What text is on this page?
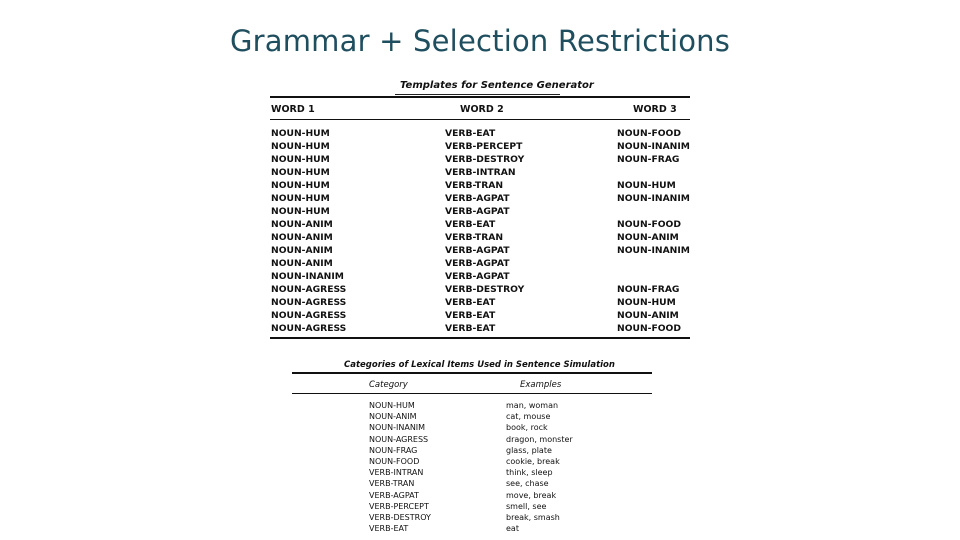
Grammar + Selection Restrictions
Templates for Sentence Generator
WORD 1	WORD 2	WORD 3
NOUN-HUM	VERB-EAT	NOUN-FOOD
NOUN-HUM	VERB-PERCEPT	NOUN-INANIM
NOUN-HUM	VERB-DESTROY	NOUN-FRAG
NOUN-HUM	VERB-INTRAN
NOUN-HUM	VERB-TRAN	NOUN-HUM
NOUN-HUM	VERB-AGPAT	NOUN-INANIM
NOUN-HUM	VERB-AGPAT
NOUN-ANIM	VERB-EAT	NOUN-FOOD
NOUN-ANIM	VERB-TRAN	NOUN-ANIM
NOUN-ANIM	VERB-AGPAT	NOUN-INANIM
NOUN-ANIM	VERB-AGPAT
NOUN-INANIM	VERB-AGPAT
NOUN-AGRESS	VERB-DESTROY	NOUN-FRAG
NOUN-AGRESS	VERB-EAT	NOUN-HUM
NOUN-AGRESS	VERB-EAT	NOUN-ANIM
NOUN-AGRESS	VERB-EAT	NOUN-FOOD
Categories of Lexical Items Used in Sentence Simulation
Category	Examples
NOUN-HUM	man, woman
NOUN-ANIM	cat, mouse
NOUN-INANIM	book, rock
NOUN-AGRESS	dragon, monster
NOUN-FRAG	glass, plate
NOUN-FOOD	cookie, break
VERB-INTRAN	think, sleep
VERB-TRAN	see, chase
VERB-AGPAT	move, break
VERB-PERCEPT	smell, see
VERB-DESTROY	break, smash
VERB-EAT	eat
